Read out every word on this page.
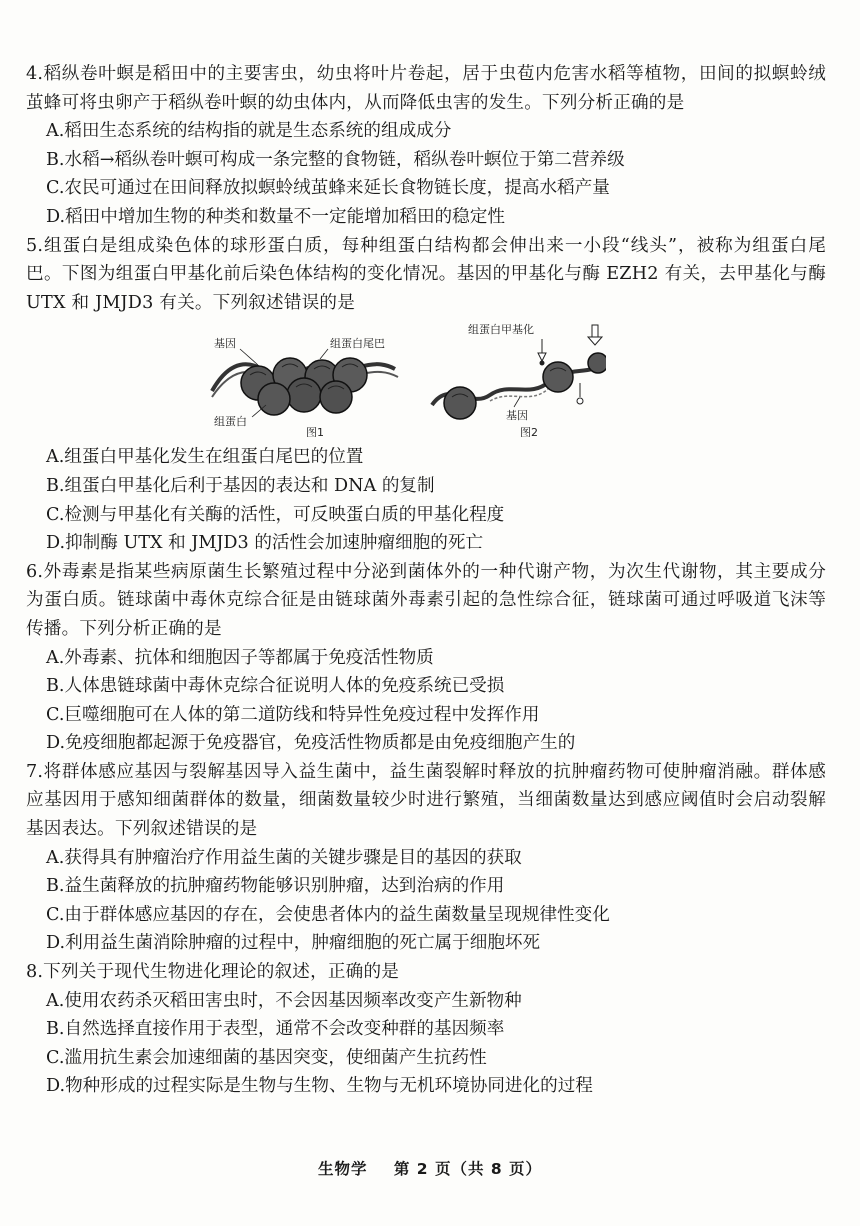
4.稻纵卷叶螟是稻田中的主要害虫，幼虫将叶片卷起，居于虫苞内危害水稻等植物，田间的拟螟蛉绒茧蜂可将虫卵产于稻纵卷叶螟的幼虫体内，从而降低虫害的发生。下列分析正确的是
A.稻田生态系统的结构指的就是生态系统的组成成分
B.水稻→稻纵卷叶螟可构成一条完整的食物链，稻纵卷叶螟位于第二营养级
C.农民可通过在田间释放拟螟蛉绒茧蜂来延长食物链长度，提高水稻产量
D.稻田中增加生物的种类和数量不一定能增加稻田的稳定性
5.组蛋白是组成染色体的球形蛋白质，每种组蛋白结构都会伸出来一小段“线头”，被称为组蛋白尾巴。下图为组蛋白甲基化前后染色体结构的变化情况。基因的甲基化与酶 EZH2 有关，去甲基化与酶 UTX 和 JMJD3 有关。下列叙述错误的是
基因	组蛋白尾巴
组蛋白
图1
组蛋白甲基化
基因
图2
A.组蛋白甲基化发生在组蛋白尾巴的位置
B.组蛋白甲基化后利于基因的表达和 DNA 的复制
C.检测与甲基化有关酶的活性，可反映蛋白质的甲基化程度
D.抑制酶 UTX 和 JMJD3 的活性会加速肿瘤细胞的死亡
6.外毒素是指某些病原菌生长繁殖过程中分泌到菌体外的一种代谢产物，为次生代谢物，其主要成分为蛋白质。链球菌中毒休克综合征是由链球菌外毒素引起的急性综合征，链球菌可通过呼吸道飞沫等传播。下列分析正确的是
A.外毒素、抗体和细胞因子等都属于免疫活性物质
B.人体患链球菌中毒休克综合征说明人体的免疫系统已受损
C.巨噬细胞可在人体的第二道防线和特异性免疫过程中发挥作用
D.免疫细胞都起源于免疫器官，免疫活性物质都是由免疫细胞产生的
7.将群体感应基因与裂解基因导入益生菌中，益生菌裂解时释放的抗肿瘤药物可使肿瘤消融。群体感应基因用于感知细菌群体的数量，细菌数量较少时进行繁殖，当细菌数量达到感应阈值时会启动裂解基因表达。下列叙述错误的是
A.获得具有肿瘤治疗作用益生菌的关键步骤是目的基因的获取
B.益生菌释放的抗肿瘤药物能够识别肿瘤，达到治病的作用
C.由于群体感应基因的存在，会使患者体内的益生菌数量呈现规律性变化
D.利用益生菌消除肿瘤的过程中，肿瘤细胞的死亡属于细胞坏死
8.下列关于现代生物进化理论的叙述，正确的是
A.使用农药杀灭稻田害虫时，不会因基因频率改变产生新物种
B.自然选择直接作用于表型，通常不会改变种群的基因频率
C.滥用抗生素会加速细菌的基因突变，使细菌产生抗药性
D.物种形成的过程实际是生物与生物、生物与无机环境协同进化的过程
生物学 第 2 页（共 8 页）
